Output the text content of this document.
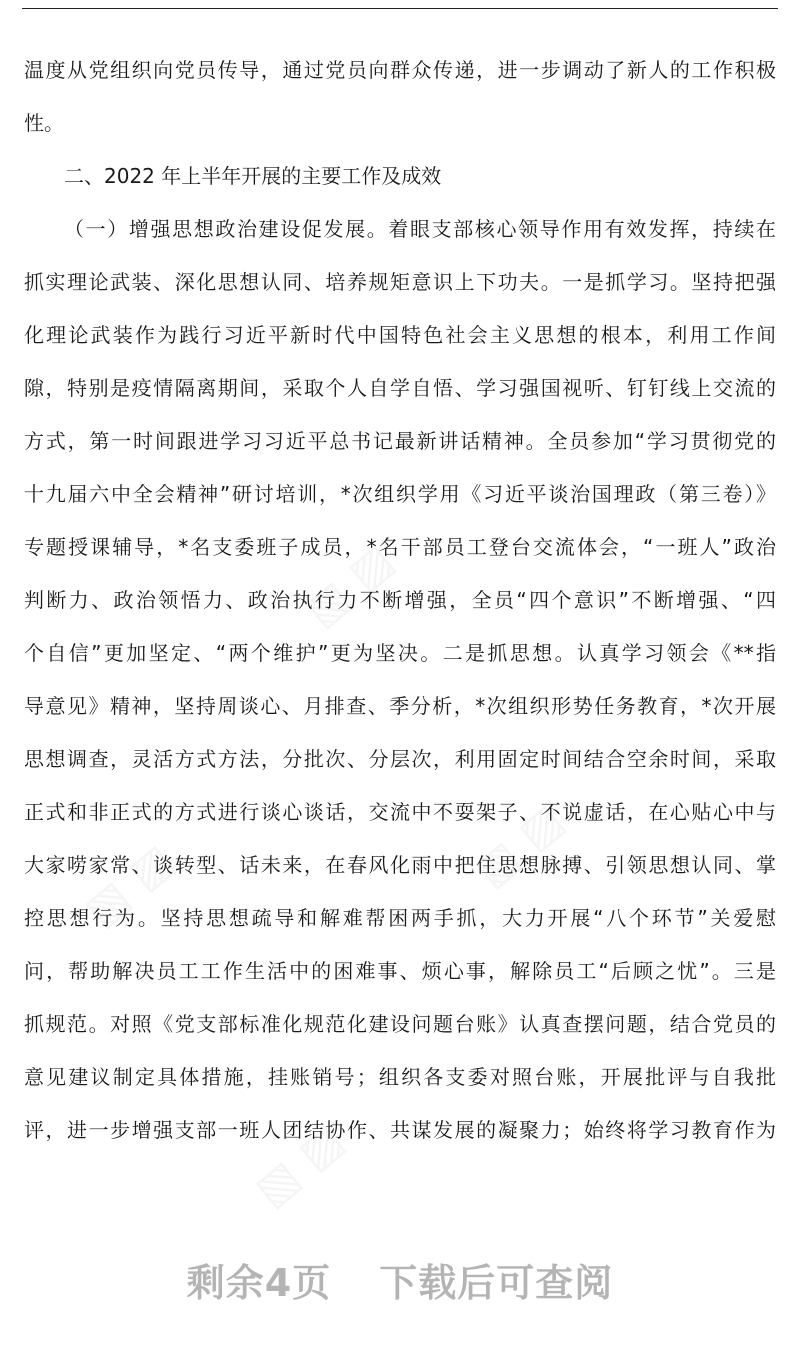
▧ ▨
▧ ▨	▧ ▨
▧ ▨
温度从党组织向党员传导，通过党员向群众传递，进一步调动了新人的工作积极
性。
二、2022 年上半年开展的主要工作及成效
（一）增强思想政治建设促发展。着眼支部核心领导作用有效发挥，持续在
抓实理论武装、深化思想认同、培养规矩意识上下功夫。一是抓学习。坚持把强
化理论武装作为践行习近平新时代中国特色社会主义思想的根本，利用工作间
隙，特别是疫情隔离期间，采取个人自学自悟、学习强国视听、钉钉线上交流的
方式，第一时间跟进学习习近平总书记最新讲话精神。全员参加“学习贯彻党的
十九届六中全会精神”研讨培训，*次组织学用《习近平谈治国理政（第三卷）》
专题授课辅导，*名支委班子成员，*名干部员工登台交流体会，“一班人”政治
判断力、政治领悟力、政治执行力不断增强，全员“四个意识”不断增强、“四
个自信”更加坚定、“两个维护”更为坚决。二是抓思想。认真学习领会《**指
导意见》精神，坚持周谈心、月排查、季分析，*次组织形势任务教育，*次开展
思想调查，灵活方式方法，分批次、分层次，利用固定时间结合空余时间，采取
正式和非正式的方式进行谈心谈话，交流中不耍架子、不说虚话，在心贴心中与
大家唠家常、谈转型、话未来，在春风化雨中把住思想脉搏、引领思想认同、掌
控思想行为。坚持思想疏导和解难帮困两手抓，大力开展“八个环节”关爱慰
问，帮助解决员工工作生活中的困难事、烦心事，解除员工“后顾之忧”。三是
抓规范。对照《党支部标准化规范化建设问题台账》认真查摆问题，结合党员的
意见建议制定具体措施，挂账销号；组织各支委对照台账，开展批评与自我批
评，进一步增强支部一班人团结协作、共谋发展的凝聚力；始终将学习教育作为
剩余4页 下载后可查阅
